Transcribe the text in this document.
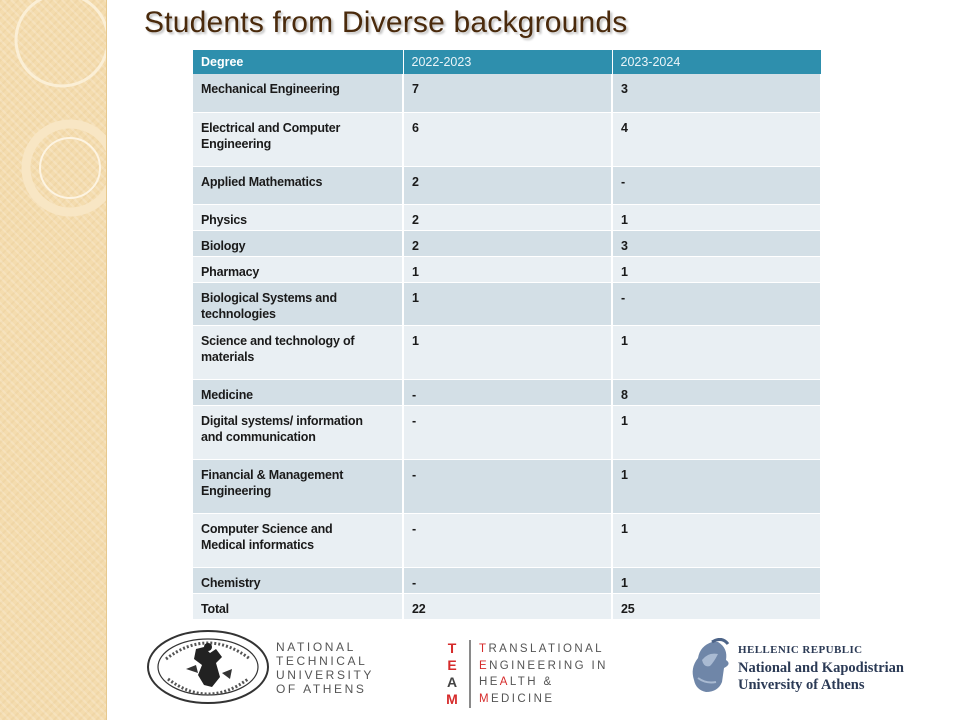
Students from Diverse backgrounds
Degree	2022-2023	2023-2024

Mechanical Engineering	7	3

Electrical and Computer
Engineering	6	4

Applied Mathematics	2	-

Physics	2	1

Biology	2	3

Pharmacy	1	1

Biological Systems and
technologies	1	-

Science and technology of
materials	1	1

Medicine	-	8

Digital systems/ information
and communication	-	1

Financial & Management
Engineering	-	1

Computer Science and
Medical informatics	-	1

Chemistry	-	1

Total	22	25
NATIONAL
TECHNICAL
UNIVERSITY
OF ATHENS
T
E
A
M
TRANSLATIONAL
ENGINEERING IN
HEALTH &
MEDICINE
HELLENIC REPUBLIC
National and Kapodistrian
University of Athens
